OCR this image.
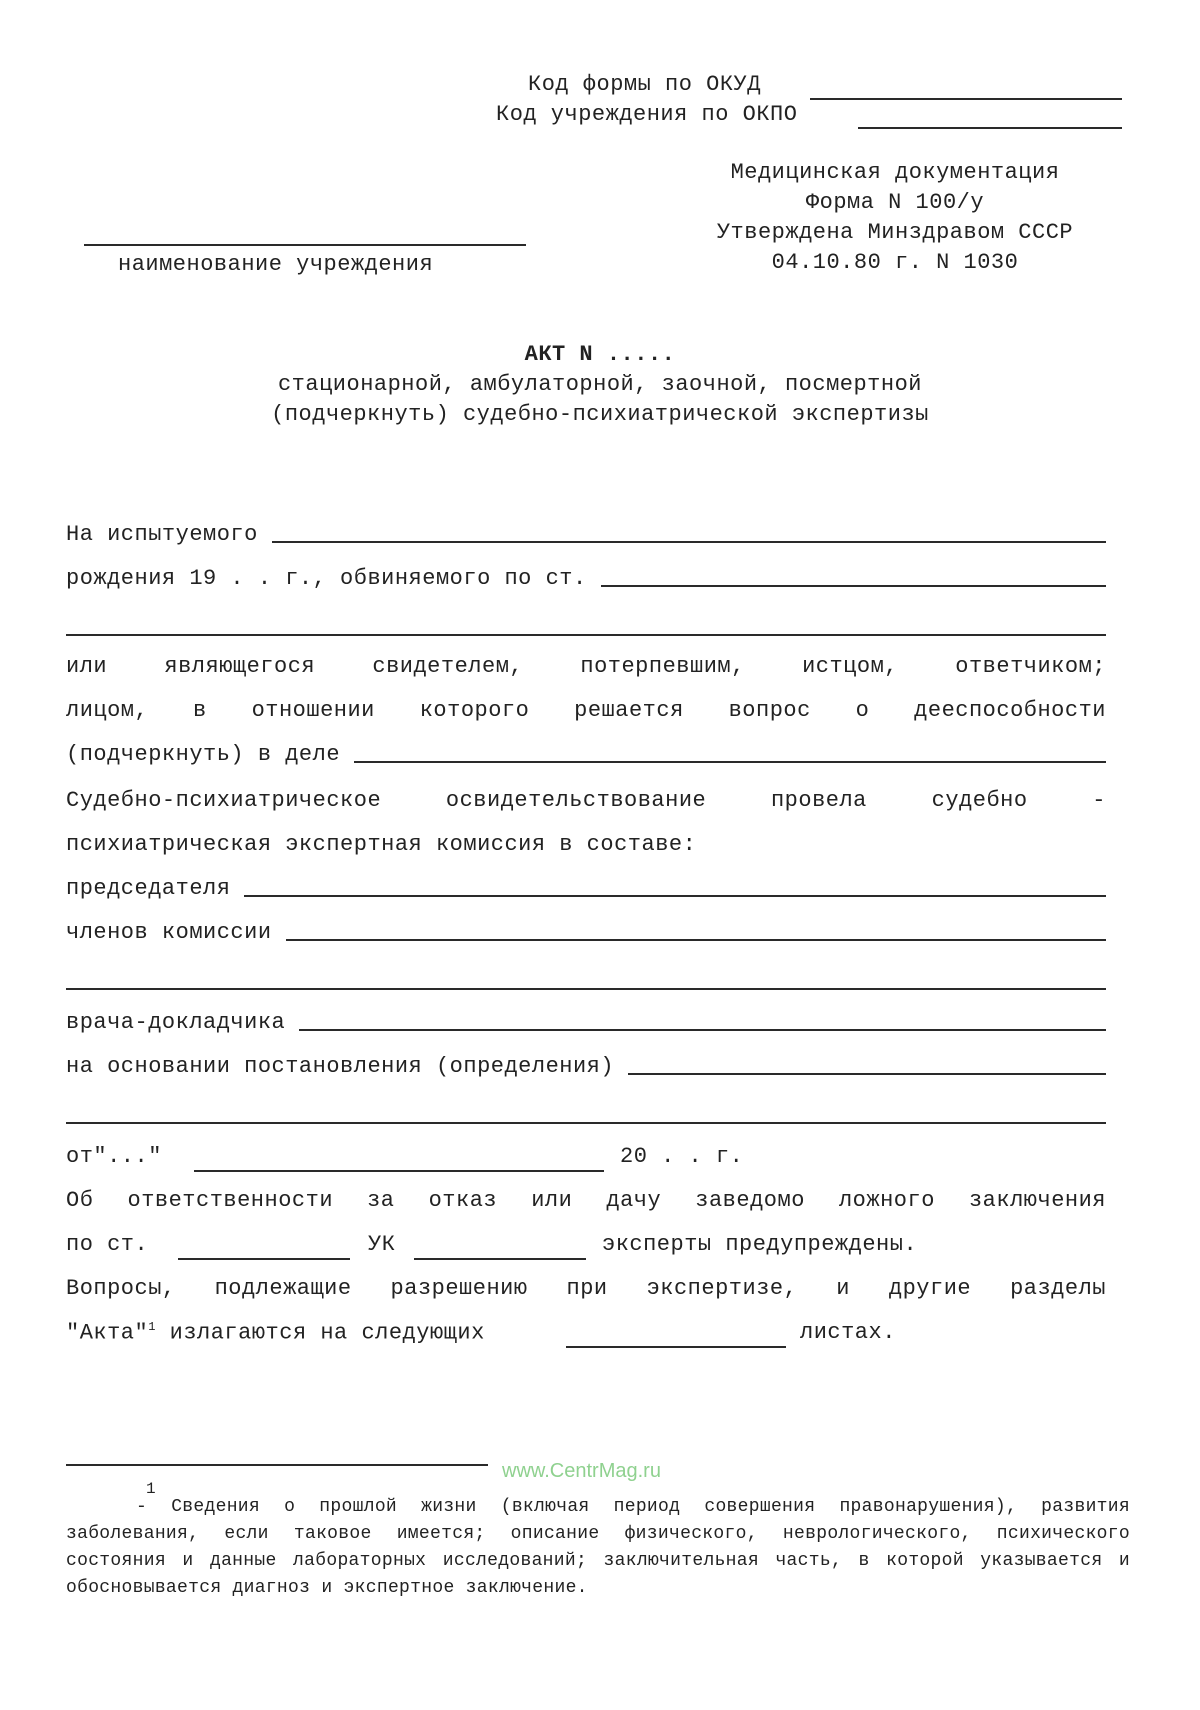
Код формы по ОКУД
Код учреждения по ОКПО
Медицинская документация
Форма N 100/у
Утверждена Минздравом СССР
04.10.80 г. N 1030
наименование учреждения
АКТ N .....
стационарной, амбулаторной, заочной, посмертной
(подчеркнуть) судебно-психиатрической экспертизы
На испытуемого
рождения 19 . . г., обвиняемого по ст.
или являющегося свидетелем, потерпевшим, истцом, ответчиком;
лицом, в отношении которого решается вопрос о дееспособности
(подчеркнуть) в деле
Судебно-психиатрическое освидетельствование провела судебно -
психиатрическая экспертная комиссия в составе:
председателя
членов комиссии
врача-докладчика
на основании постановления (определения)
от"..."	20 . . г.
Об ответственности за отказ или дачу заведомо ложного заключения
по ст.	УК	эксперты предупреждены.
Вопросы, подлежащие разрешению при экспертизе, и другие разделы
"Акта"$^1$ излагаются на следующих	листах.
www.CentrMag.ru
1
- Сведения о прошлой жизни (включая период совершения правонарушения), развития заболевания, если таковое имеется; описание физического, неврологического, психического состояния и данные лабораторных исследований; заключительная часть, в которой указывается и обосновывается диагноз и экспертное заключение.
